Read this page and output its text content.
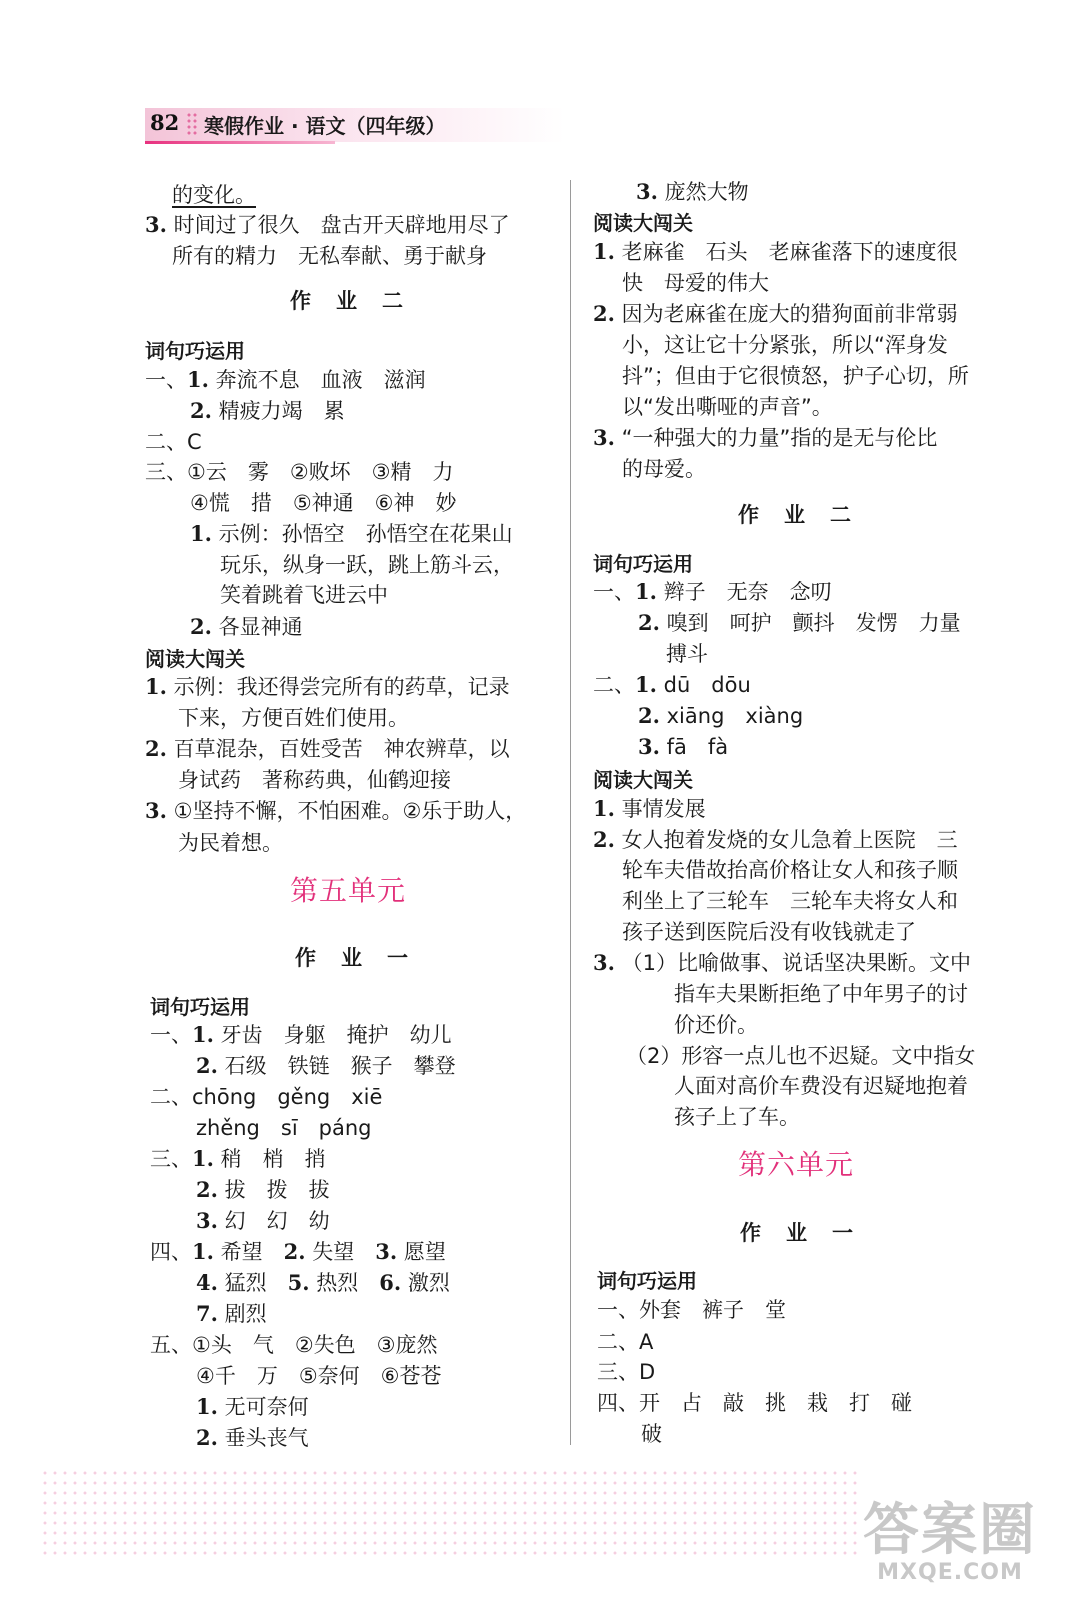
82 寒假作业 · 语文（四年级）
的变化。
3. 时间过了很久　盘古开天辟地用尽了
所有的精力　无私奉献、勇于献身
作　业　二
词句巧运用
一、1. 奔流不息　血液　滋润
2. 精疲力竭　累
二、C
三、①云　雾　②败坏　③精　力
④慌　措　⑤神通　⑥神　妙
1. 示例：孙悟空　孙悟空在花果山
玩乐，纵身一跃，跳上筋斗云，
笑着跳着飞进云中
2. 各显神通
阅读大闯关
1. 示例：我还得尝完所有的药草，记录
下来，方便百姓们使用。
2. 百草混杂，百姓受苦　神农辨草，以
身试药　著称药典，仙鹤迎接
3. ①坚持不懈，不怕困难。②乐于助人，
为民着想。
第五单元
作　业　一
词句巧运用
一、1. 牙齿　身躯　掩护　幼儿
2. 石级　铁链　猴子　攀登
二、chōng　gěng　xiē
zhěng　sī　páng
三、1. 稍　梢　捎
2. 拔　拨　拔
3. 幻　幻　幼
四、1. 希望　2. 失望　3. 愿望
4. 猛烈　5. 热烈　6. 激烈
7. 剧烈
五、①头　气　②失色　③庞然
④千　万　⑤奈何　⑥苍苍
1. 无可奈何
2. 垂头丧气
3. 庞然大物
阅读大闯关
1. 老麻雀　石头　老麻雀落下的速度很
快　母爱的伟大
2. 因为老麻雀在庞大的猎狗面前非常弱
小，这让它十分紧张，所以“浑身发
抖”；但由于它很愤怒，护子心切，所
以“发出嘶哑的声音”。
3. “一种强大的力量”指的是无与伦比
的母爱。
作　业　二
词句巧运用
一、1. 辫子　无奈　念叨
2. 嗅到　呵护　颤抖　发愣　力量
搏斗
二、1. dū　dōu
2. xiāng　xiàng
3. fā　fà
阅读大闯关
1. 事情发展
2. 女人抱着发烧的女儿急着上医院　三
轮车夫借故抬高价格让女人和孩子顺
利坐上了三轮车　三轮车夫将女人和
孩子送到医院后没有收钱就走了
3. （1）比喻做事、说话坚决果断。文中
指车夫果断拒绝了中年男子的讨
价还价。
（2）形容一点儿也不迟疑。文中指女
人面对高价车费没有迟疑地抱着
孩子上了车。
第六单元
作　业　一
词句巧运用
一、外套　裤子　堂
二、A
三、D
四、开　占　敲　挑　栽　打　碰
破
答案圈
MXQE.COM
